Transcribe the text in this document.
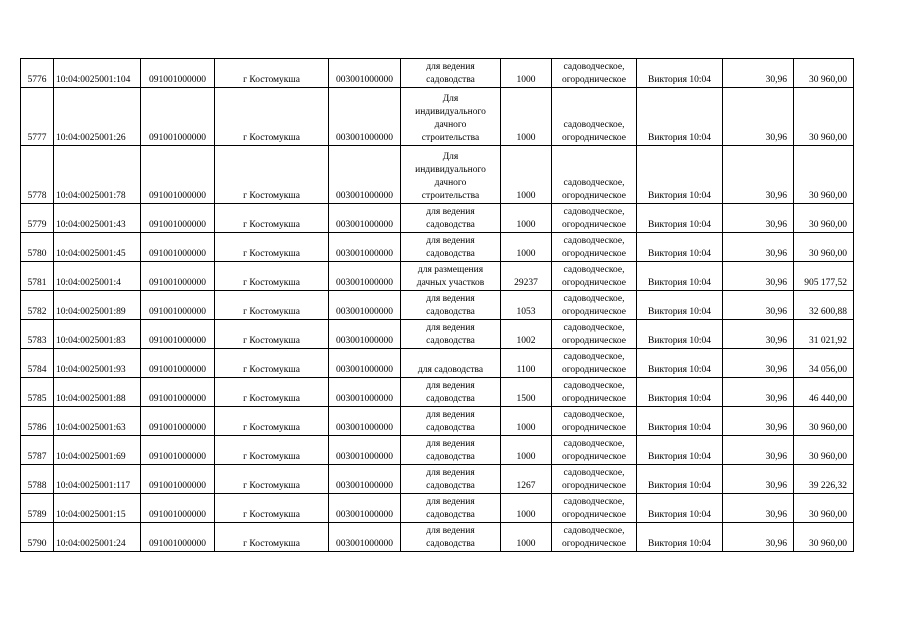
5776	10:04:0025001:104	091001000000	г Костомукша	003001000000	для ведения
садоводства	1000	садоводческое,
огородническое	Виктория 10:04	30,96	30 960,00
5777	10:04:0025001:26	091001000000	г Костомукша	003001000000	Для
индивидуального
дачного
строительства	1000	садоводческое,
огородническое	Виктория 10:04	30,96	30 960,00
5778	10:04:0025001:78	091001000000	г Костомукша	003001000000	Для
индивидуального
дачного
строительства	1000	садоводческое,
огородническое	Виктория 10:04	30,96	30 960,00
5779	10:04:0025001:43	091001000000	г Костомукша	003001000000	для ведения
садоводства	1000	садоводческое,
огородническое	Виктория 10:04	30,96	30 960,00
5780	10:04:0025001:45	091001000000	г Костомукша	003001000000	для ведения
садоводства	1000	садоводческое,
огородническое	Виктория 10:04	30,96	30 960,00
5781	10:04:0025001:4	091001000000	г Костомукша	003001000000	для размещения
дачных участков	29237	садоводческое,
огородническое	Виктория 10:04	30,96	905 177,52
5782	10:04:0025001:89	091001000000	г Костомукша	003001000000	для ведения
садоводства	1053	садоводческое,
огородническое	Виктория 10:04	30,96	32 600,88
5783	10:04:0025001:83	091001000000	г Костомукша	003001000000	для ведения
садоводства	1002	садоводческое,
огородническое	Виктория 10:04	30,96	31 021,92
5784	10:04:0025001:93	091001000000	г Костомукша	003001000000	для садоводства	1100	садоводческое,
огородническое	Виктория 10:04	30,96	34 056,00
5785	10:04:0025001:88	091001000000	г Костомукша	003001000000	для ведения
садоводства	1500	садоводческое,
огородническое	Виктория 10:04	30,96	46 440,00
5786	10:04:0025001:63	091001000000	г Костомукша	003001000000	для ведения
садоводства	1000	садоводческое,
огородническое	Виктория 10:04	30,96	30 960,00
5787	10:04:0025001:69	091001000000	г Костомукша	003001000000	для ведения
садоводства	1000	садоводческое,
огородническое	Виктория 10:04	30,96	30 960,00
5788	10:04:0025001:117	091001000000	г Костомукша	003001000000	для ведения
садоводства	1267	садоводческое,
огородническое	Виктория 10:04	30,96	39 226,32
5789	10:04:0025001:15	091001000000	г Костомукша	003001000000	для ведения
садоводства	1000	садоводческое,
огородническое	Виктория 10:04	30,96	30 960,00
5790	10:04:0025001:24	091001000000	г Костомукша	003001000000	для ведения
садоводства	1000	садоводческое,
огородническое	Виктория 10:04	30,96	30 960,00
